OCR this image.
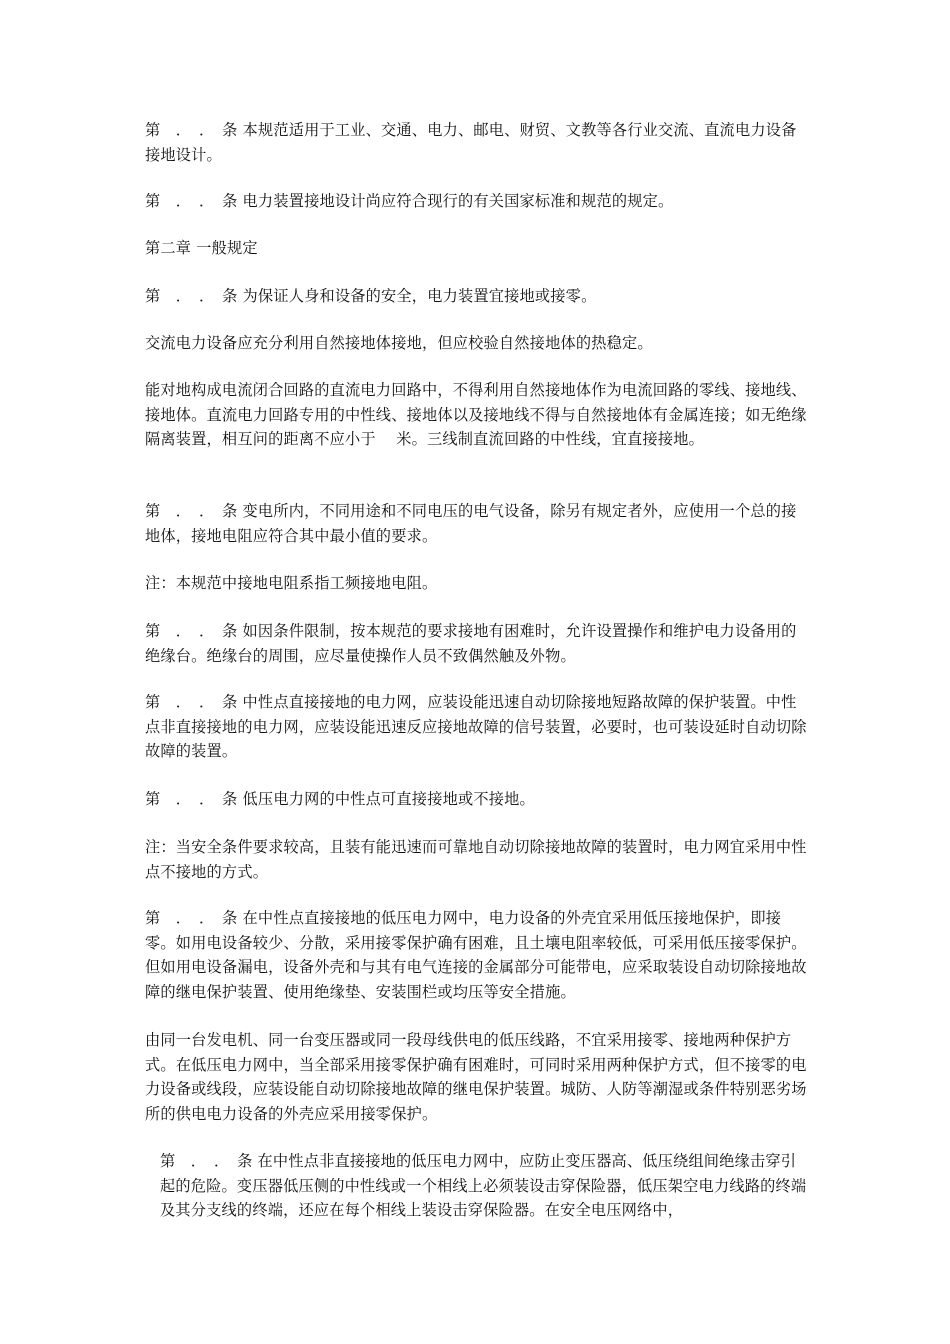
第　．　．　条 本规范适用于工业、交通、电力、邮电、财贸、文教等各行业交流、直流电力设备接地设计。

第　．　．　条 电力装置接地设计尚应符合现行的有关国家标准和规范的规定。

第二章 一般规定

第　．　．　条 为保证人身和设备的安全，电力装置宜接地或接零。

交流电力设备应充分利用自然接地体接地，但应校验自然接地体的热稳定。

能对地构成电流闭合回路的直流电力回路中，不得利用自然接地体作为电流回路的零线、接地线、接地体。直流电力回路专用的中性线、接地体以及接地线不得与自然接地体有金属连接；如无绝缘隔离装置，相互问的距离不应小于　 米。三线制直流回路的中性线，宜直接接地。

第　．　．　条 变电所内，不同用途和不同电压的电气设备，除另有规定者外，应使用一个总的接地体，接地电阻应符合其中最小值的要求。

注：本规范中接地电阻系指工频接地电阻。

第　．　．　条 如因条件限制，按本规范的要求接地有困难时，允许设置操作和维护电力设备用的绝缘台。绝缘台的周围，应尽量使操作人员不致偶然触及外物。

第　．　．　条 中性点直接接地的电力网，应装设能迅速自动切除接地短路故障的保护装置。中性点非直接接地的电力网，应装设能迅速反应接地故障的信号装置，必要时，也可装设延时自动切除故障的装置。

第　．　．　条 低压电力网的中性点可直接接地或不接地。

注：当安全条件要求较高，且装有能迅速而可靠地自动切除接地故障的装置时，电力网宜采用中性点不接地的方式。

第　．　．　条 在中性点直接接地的低压电力网中，电力设备的外壳宜采用低压接地保护，即接零。如用电设备较少、分散，采用接零保护确有困难，且土壤电阻率较低，可采用低压接零保护。但如用电设备漏电，设备外壳和与其有电气连接的金属部分可能带电，应采取装设自动切除接地故障的继电保护装置、使用绝缘垫、安装围栏或均压等安全措施。

由同一台发电机、同一台变压器或同一段母线供电的低压线路，不宜采用接零、接地两种保护方式。在低压电力网中，当全部采用接零保护确有困难时，可同时采用两种保护方式，但不接零的电力设备或线段，应装设能自动切除接地故障的继电保护装置。城防、人防等潮湿或条件特别恶劣场所的供电电力设备的外壳应采用接零保护。

第　．　．　条 在中性点非直接接地的低压电力网中，应防止变压器高、低压绕组间绝缘击穿引起的危险。变压器低压侧的中性线或一个相线上必须装设击穿保险器，低压架空电力线路的终端及其分支线的终端，还应在每个相线上装设击穿保险器。在安全电压网络中，
